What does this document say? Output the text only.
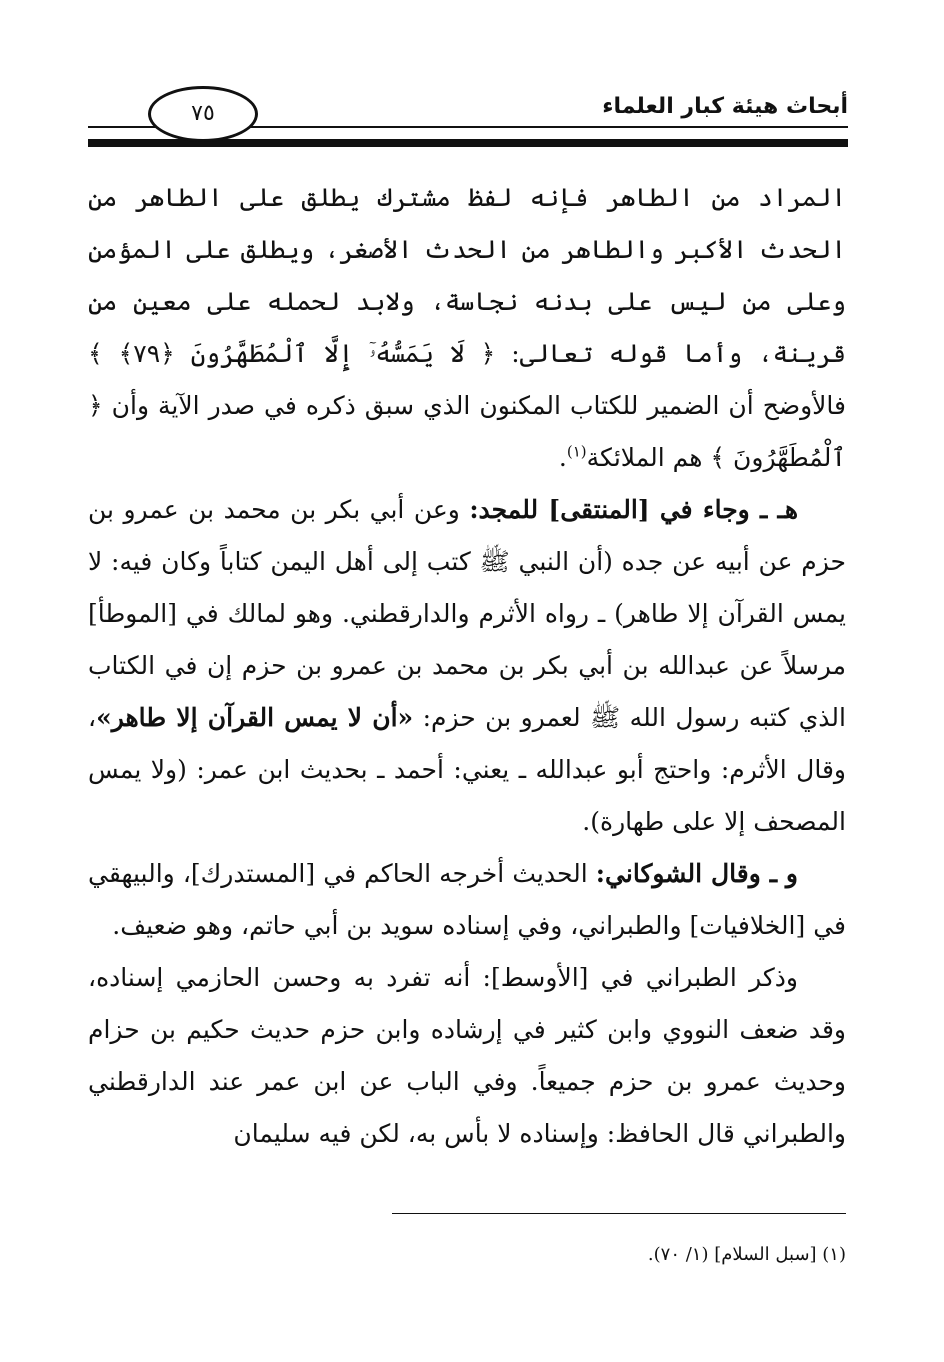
٧٥	أبحاث هيئة كبار العلماء

المراد من الطاهر فإنه لفظ مشترك يطلق على الطاهر من الحدث الأكبر والطاهر من الحدث الأصغر، ويطلق على المؤمن وعلى من ليس على بدنه نجاسة، ولابد لحمله على معين من قرينة، وأما قوله تعالى: ﴿ لَا يَمَسُّهُۥٓ إِلَّا ٱلْمُطَهَّرُونَ ﴿٧٩﴾ ﴾ فالأوضح أن الضمير للكتاب المكنون الذي سبق ذكره في صدر الآية وأن ﴿ ٱلْمُطَهَّرُونَ ﴾ هم الملائكة$^{(١)}$.

هـ ـ وجاء في [المنتقى] للمجد: وعن أبي بكر بن محمد بن عمرو بن حزم عن أبيه عن جده (أن النبي ﷺ كتب إلى أهل اليمن كتاباً وكان فيه: لا يمس القرآن إلا طاهر) ـ رواه الأثرم والدارقطني. وهو لمالك في [الموطأ] مرسلاً عن عبدالله بن أبي بكر بن محمد بن عمرو بن حزم إن في الكتاب الذي كتبه رسول الله ﷺ لعمرو بن حزم: «أن لا يمس القرآن إلا طاهر»، وقال الأثرم: واحتج أبو عبدالله ـ يعني: أحمد ـ بحديث ابن عمر: (ولا يمس المصحف إلا على طهارة).

و ـ وقال الشوكاني: الحديث أخرجه الحاكم في [المستدرك]، والبيهقي في [الخلافيات] والطبراني، وفي إسناده سويد بن أبي حاتم، وهو ضعيف.

وذكر الطبراني في [الأوسط]: أنه تفرد به وحسن الحازمي إسناده، وقد ضعف النووي وابن كثير في إرشاده وابن حزم حديث حكيم بن حزام وحديث عمرو بن حزم جميعاً. وفي الباب عن ابن عمر عند الدارقطني والطبراني قال الحافظ: وإسناده لا بأس به، لكن فيه سليمان

(١) [سبل السلام] (١/ ٧٠).
